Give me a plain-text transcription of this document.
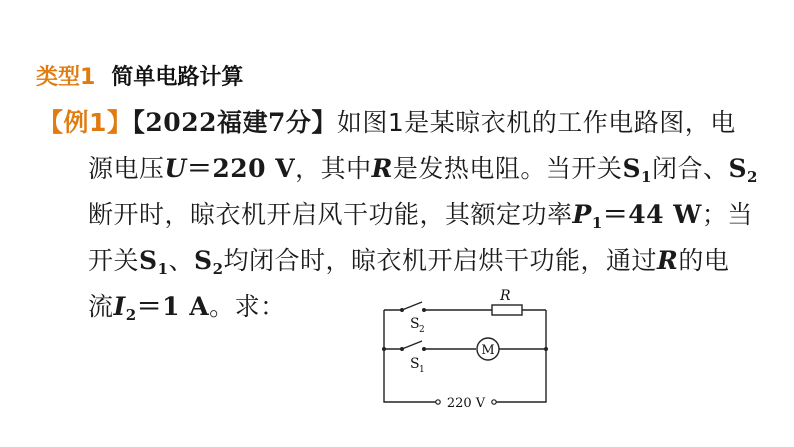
类型1 简单电路计算
【例1】【2022福建7分】如图1是某晾衣机的工作电路图，电
源电压U＝220 V，其中R是发热电阻。当开关$S_1$闭合、$S_2$
断开时，晾衣机开启风干功能，其额定功率$P_1=44$ W；当
开关$S_1$、$S_2$均闭合时，晾衣机开启烘干功能，通过R的电
流$I_2=1$ A。求：	R
S 2
S 1
M
220 V
